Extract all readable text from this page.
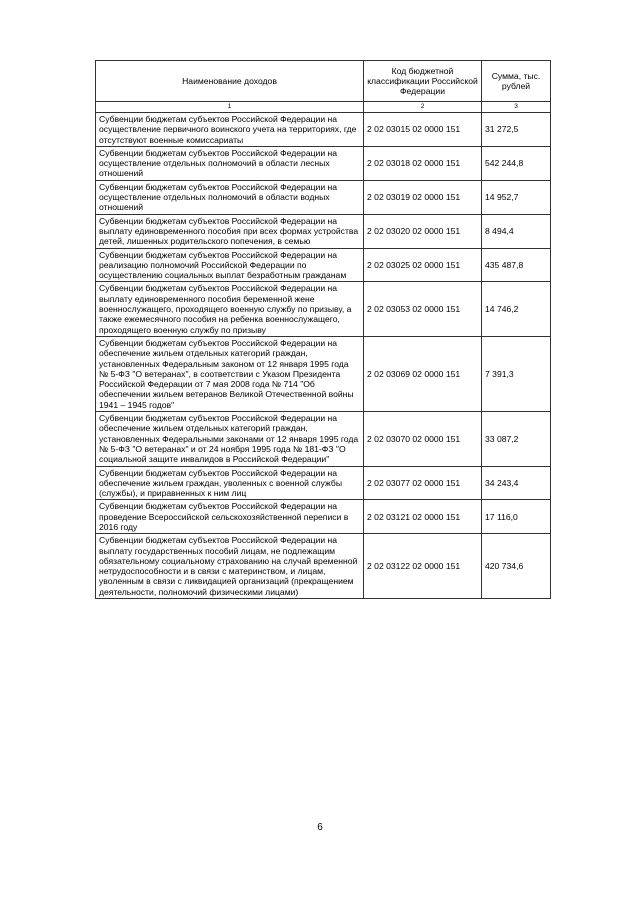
Наименование доходов	Код бюджетной классификации Российской Федерации	Сумма, тыс. рублей
1	2	3
Субвенции бюджетам субъектов Российской Федерации на осуществление первичного воинского учета на территориях, где отсутствуют военные комиссариаты	2 02 03015 02 0000 151	31 272,5
Субвенции бюджетам субъектов Российской Федерации на осуществление отдельных полномочий в области лесных отношений	2 02 03018 02 0000 151	542 244,8
Субвенции бюджетам субъектов Российской Федерации на осуществление отдельных полномочий в области водных отношений	2 02 03019 02 0000 151	14 952,7
Субвенции бюджетам субъектов Российской Федерации на выплату единовременного пособия при всех формах устройства детей, лишенных родительского попечения, в семью	2 02 03020 02 0000 151	8 494,4
Субвенции бюджетам субъектов Российской Федерации на реализацию полномочий Российской Федерации по осуществлению социальных выплат безработным гражданам	2 02 03025 02 0000 151	435 487,8
Субвенции бюджетам субъектов Российской Федерации на выплату единовременного пособия беременной жене военнослужащего, проходящего военную службу по призыву, а также ежемесячного пособия на ребенка военнослужащего, проходящего военную службу по призыву	2 02 03053 02 0000 151	14 746,2
Субвенции бюджетам субъектов Российской Федерации на обеспечение жильем отдельных категорий граждан, установленных Федеральным законом от 12 января 1995 года № 5-ФЗ "О ветеранах", в соответствии с Указом Президента Российской Федерации от 7 мая 2008 года № 714 "Об обеспечении жильем ветеранов Великой Отечественной войны 1941 – 1945 годов"	2 02 03069 02 0000 151	7 391,3
Субвенции бюджетам субъектов Российской Федерации на обеспечение жильем отдельных категорий граждан, установленных Федеральными законами от 12 января 1995 года № 5-ФЗ "О ветеранах" и от 24 ноября 1995 года № 181-ФЗ "О социальной защите инвалидов в Российской Федерации"	2 02 03070 02 0000 151	33 087,2
Субвенции бюджетам субъектов Российской Федерации на обеспечение жильем граждан, уволенных с военной службы (службы), и приравненных к ним лиц	2 02 03077 02 0000 151	34 243,4
Субвенции бюджетам субъектов Российской Федерации на проведение Всероссийской сельскохозяйственной переписи в 2016 году	2 02 03121 02 0000 151	17 116,0
Субвенции бюджетам субъектов Российской Федерации на выплату государственных пособий лицам, не подлежащим обязательному социальному страхованию на случай временной нетрудоспособности и в связи с материнством, и лицам, уволенным в связи с ликвидацией организаций (прекращением деятельности, полномочий физическими лицами)	2 02 03122 02 0000 151	420 734,6
6
